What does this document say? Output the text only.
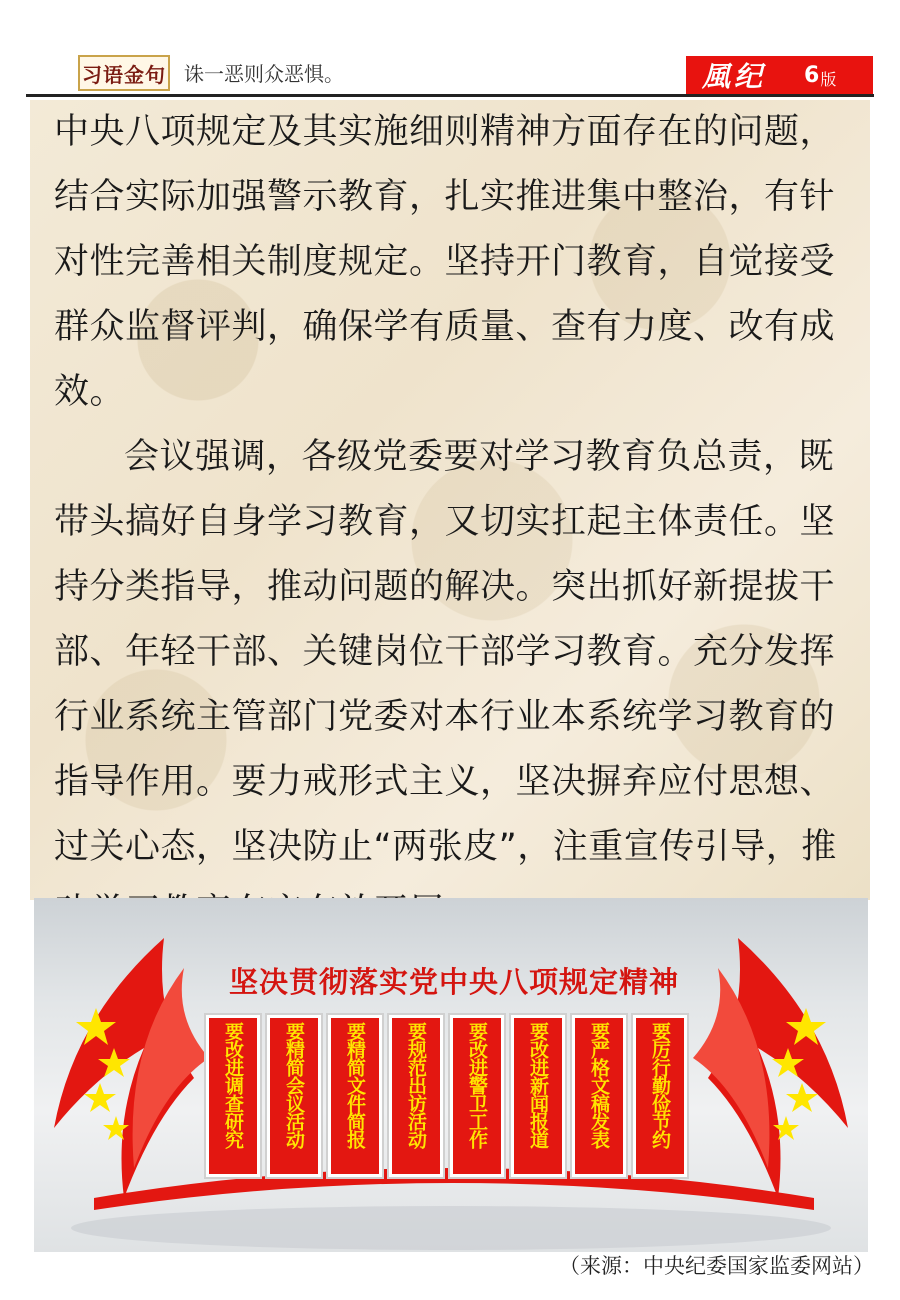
习语金句 诛一恶则众恶惧。	風纪 6 版

中央八项规定及其实施细则精神方面存在的问题，结合实际加强警示教育，扎实推进集中整治，有针对性完善相关制度规定。坚持开门教育，自觉接受群众监督评判，确保学有质量、查有力度、改有成效。

会议强调，各级党委要对学习教育负总责，既带头搞好自身学习教育，又切实扛起主体责任。坚持分类指导，推动问题的解决。突出抓好新提拔干部、年轻干部、关键岗位干部学习教育。充分发挥行业系统主管部门党委对本行业本系统学习教育的指导作用。要力戒形式主义，坚决摒弃应付思想、过关心态，坚决防止“两张皮”，注重宣传引导，推

坚决贯彻落实党中央八项规定精神
要改进调查研究 要精简会议活动 要精简文件简报 要规范出访活动 要改进警卫工作 要改进新闻报道 要严格文稿发表 要厉行勤俭节约
（来源：中央纪委国家监委网站）
